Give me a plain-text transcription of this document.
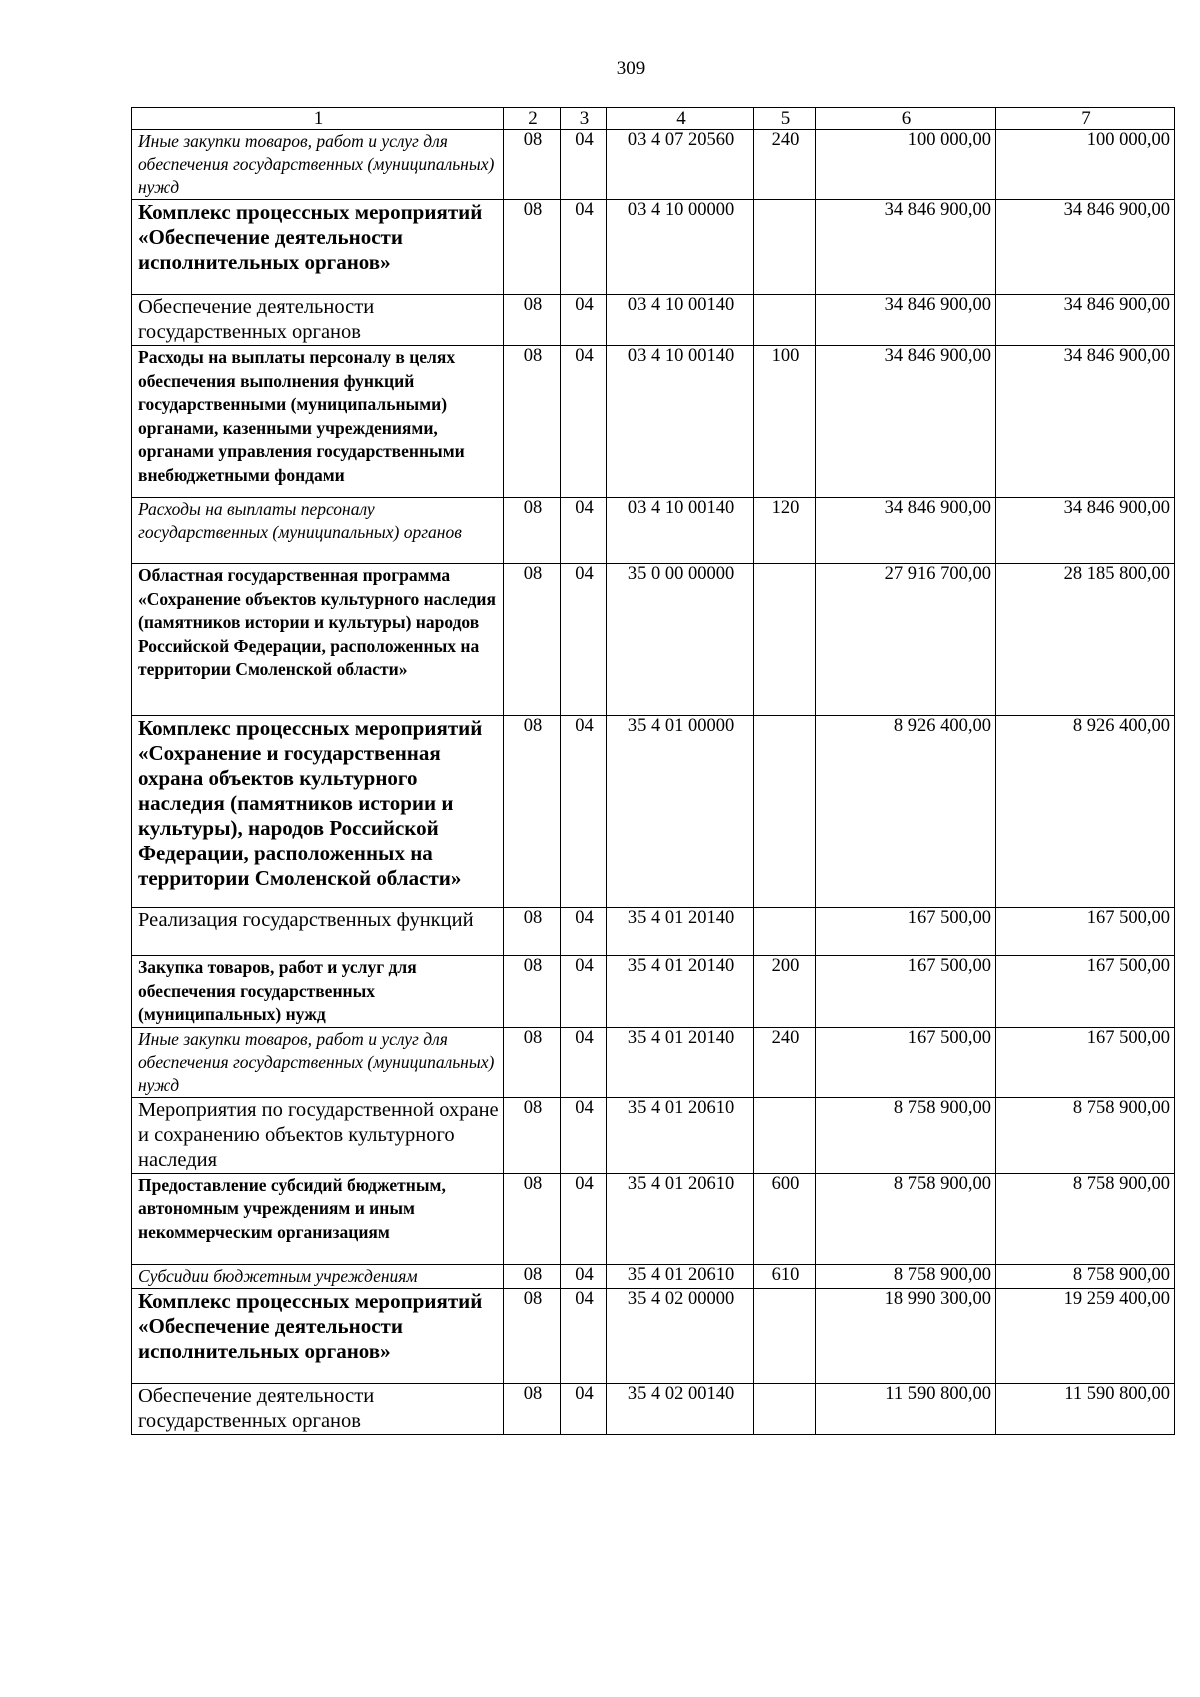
309
1	2	3	4	5	6	7
Иные закупки товаров, работ и услуг для обеспечения государственных (муниципальных) нужд	08	04	03 4 07 20560	240	100 000,00	100 000,00
Комплекс процессных мероприятий «Обеспечение деятельности исполнительных органов»	08	04	03 4 10 00000		34 846 900,00	34 846 900,00
Обеспечение деятельности государственных органов	08	04	03 4 10 00140		34 846 900,00	34 846 900,00
Расходы на выплаты персоналу в целях обеспечения выполнения функций государственными (муниципальными) органами, казенными учреждениями, органами управления государственными внебюджетными фондами	08	04	03 4 10 00140	100	34 846 900,00	34 846 900,00
Расходы на выплаты персоналу государственных (муниципальных) органов	08	04	03 4 10 00140	120	34 846 900,00	34 846 900,00
Областная государственная программа «Сохранение объектов культурного наследия (памятников истории и культуры) народов Российской Федерации, расположенных на территории Смоленской области»	08	04	35 0 00 00000		27 916 700,00	28 185 800,00
Комплекс процессных мероприятий «Сохранение и государственная охрана объектов культурного наследия (памятников истории и культуры), народов Российской Федерации, расположенных на территории Смоленской области»	08	04	35 4 01 00000		8 926 400,00	8 926 400,00
Реализация государственных функций	08	04	35 4 01 20140		167 500,00	167 500,00
Закупка товаров, работ и услуг для обеспечения государственных (муниципальных) нужд	08	04	35 4 01 20140	200	167 500,00	167 500,00
Иные закупки товаров, работ и услуг для обеспечения государственных (муниципальных) нужд	08	04	35 4 01 20140	240	167 500,00	167 500,00
Мероприятия по государственной охране и сохранению объектов культурного наследия	08	04	35 4 01 20610		8 758 900,00	8 758 900,00
Предоставление субсидий бюджетным, автономным учреждениям и иным некоммерческим организациям	08	04	35 4 01 20610	600	8 758 900,00	8 758 900,00
Субсидии бюджетным учреждениям	08	04	35 4 01 20610	610	8 758 900,00	8 758 900,00
Комплекс процессных мероприятий «Обеспечение деятельности исполнительных органов»	08	04	35 4 02 00000		18 990 300,00	19 259 400,00
Обеспечение деятельности государственных органов	08	04	35 4 02 00140		11 590 800,00	11 590 800,00
